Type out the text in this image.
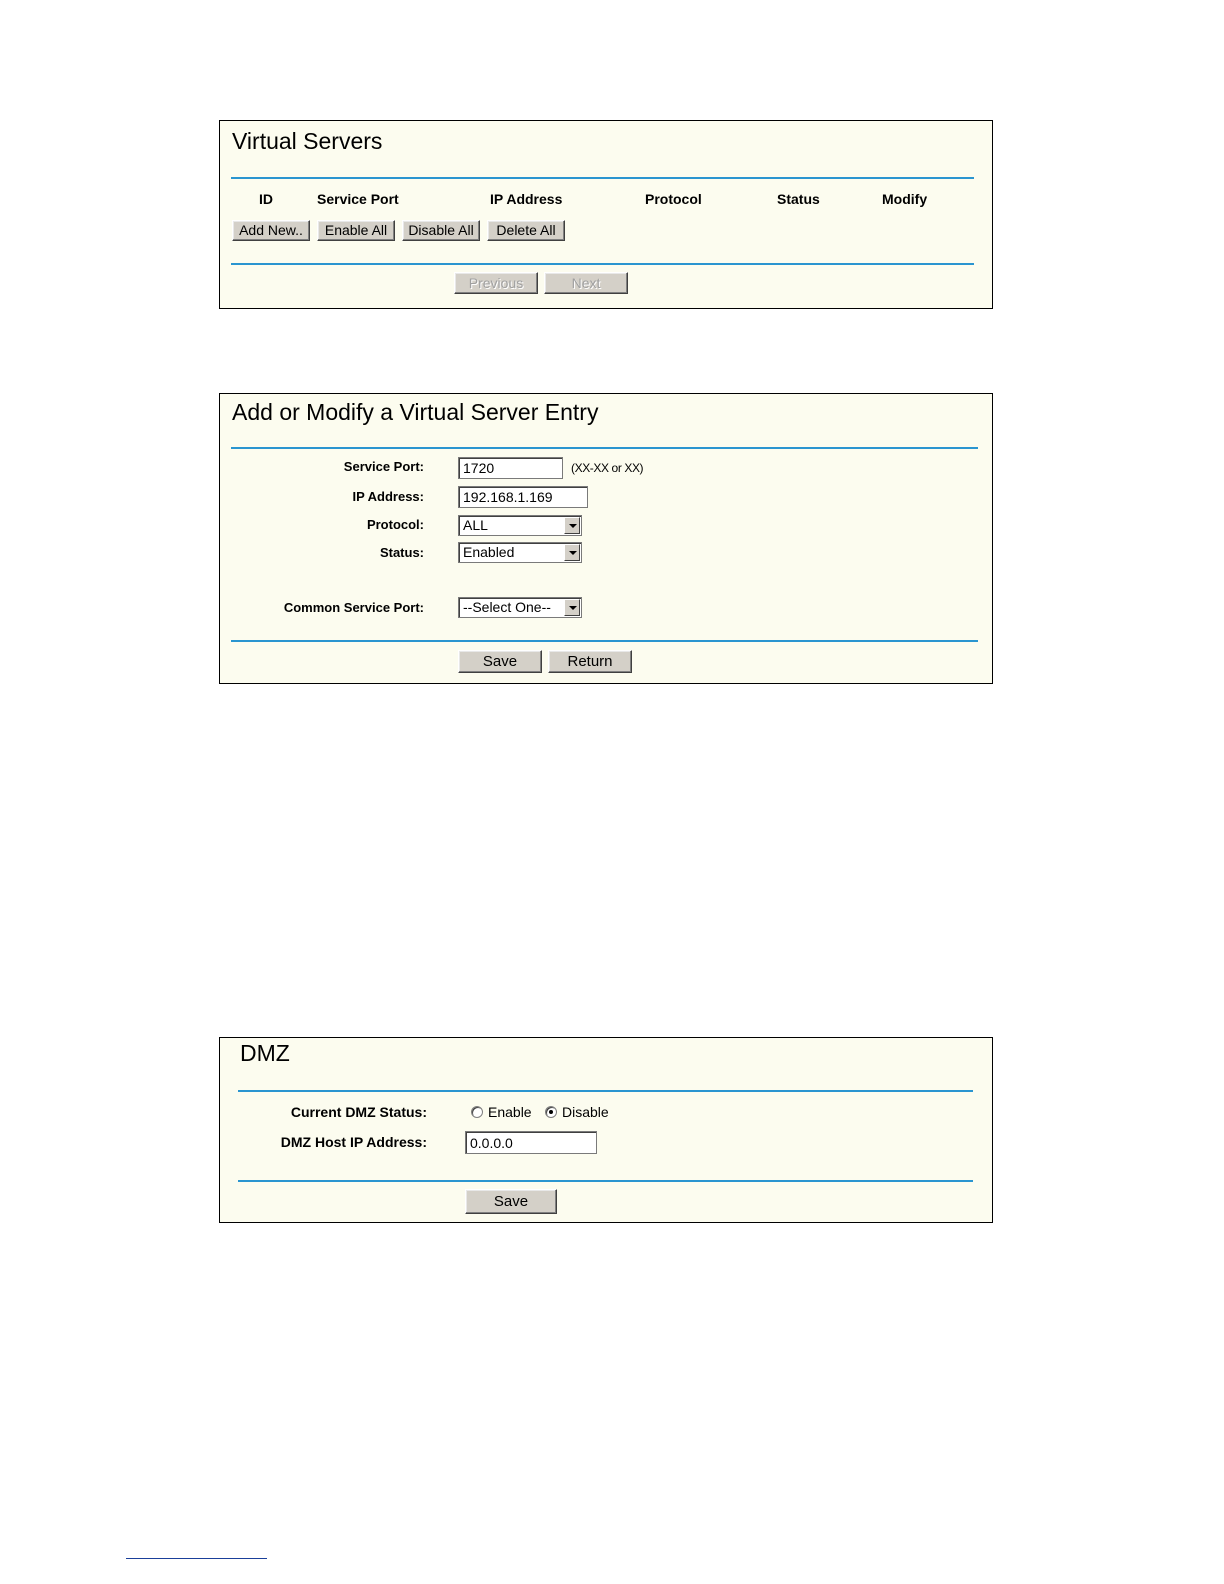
Virtual Servers
ID	Service Port	IP Address	Protocol	Status	Modify
Add New..	Enable All	Disable All	Delete All
Previous	Next
Add or Modify a Virtual Server Entry
Service Port:
1720	(XX-XX or XX)
IP Address:
192.168.1.169
Protocol:	ALL
Status:	Enabled
Common Service Port:	--Select One--
Save	Return
DMZ
Current DMZ Status:	Enable Disable
DMZ Host IP Address:
0.0.0.0
Save
